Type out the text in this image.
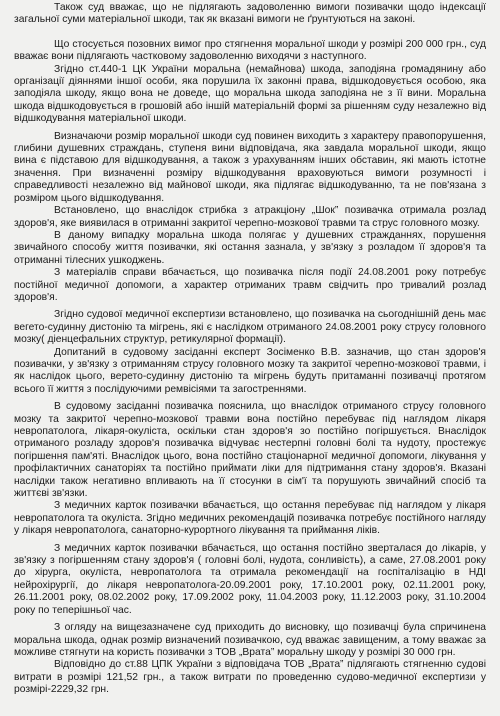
Також суд вважає, що не підлягають задоволенню вимоги позивачки щодо індексації загальної суми матеріальної шкоди, так як вказані вимоги не ґрунтуються на законі.

Що стосується позовних вимог про стягнення моральної шкоди у розмірі 200 000 грн., суд вважає вони підлягають частковому задоволенню виходячи з наступного.

Згідно ст.440-1 ЦК України моральна (немайнова) шкода, заподіяна громадянину або організації діяннями іншої особи, яка порушила їх законні права, відшкодовується особою, яка заподіяла шкоду, якщо вона не доведе, що моральна шкода заподіяна не з її вини. Моральна шкода відшкодовується в грошовій або іншій матеріальній формі за рішенням суду незалежно від відшкодування матеріальної шкоди.

Визначаючи розмір моральної шкоди суд повинен виходить з характеру правопорушення, глибини душевних страждань, ступеня вини відповідача, яка завдала моральної шкоди, якщо вина є підставою для відшкодування, а також з урахуванням інших обставин, які мають істотне значення. При визначенні розміру відшкодування враховуються вимоги розумності і справедливості незалежно від майнової шкоди, яка підлягає відшкодуванню, та не пов'язана з розміром цього відшкодування.

Встановлено, що внаслідок стрибка з атракціону „Шок” позивачка отримала розлад здоров'я, яке виявилася в отриманні закритої черепно-мозкової травми та струс головного мозку.

В даному випадку моральна шкода полягає у душевних стражданнях, порушення звичайного способу життя позивачки, які остання зазнала, у зв'язку з розладом її здоров'я та отриманні тілесних ушкоджень.

З матеріалів справи вбачається, що позивачка після події 24.08.2001 року потребує постійної медичної допомоги, а характер отриманих травм свідчить про тривалий розлад здоров'я.

Згідно судової медичної експертизи встановлено, що позивачка на сьогоднішній день має вегето-судинну дистонію та мігрень, які є наслідком отриманого 24.08.2001 року струсу головного мозку( діенцефальних структур, ретикулярної формації).

Допитаний в судовому засіданні експерт Зосіменко В.В. зазначив, що стан здоров'я позивачки, у зв'язку з отриманням струсу головного мозку та закритої черепно-мозкової травми, і як наслідок цього, верето-судинну дистонію та мігрень будуть притаманні позивачці протягом всього її життя з послідуючими ремвісіями та загостреннями.

В судовому засіданні позивачка пояснила, що внаслідок отриманого струсу головного мозку та закритої черепно-мозкової травми вона постійно перебуває під наглядом лікаря невропатолога, лікаря-окуліста, оскільки стан здоров'я зо постійно погіршується. Внаслідок отриманого розладу здоров'я позивачка відчуває нестерпні головні болі та нудоту, простежує погіршення пам'яті. Внаслідок цього, вона постійно стаціонарної медичної допомоги, лікування у профілактичних санаторіях та постійно приймати ліки для підтримання стану здоров'я. Вказані наслідки також негативно впливають на її стосунки в сім'ї та порушують звичайний спосіб та життєві зв'язки.

З медичних карток позивачки вбачається, що остання перебуває під наглядом у лікаря невропатолога та окуліста. Згідно медичних рекомендацій позивачка потребує постійного нагляду у лікаря невропатолога, санаторно-курортного лікування та приймання ліків.

З медичних карток позивачки вбачається, що остання постійно зверталася до лікарів, у зв'язку з погіршенням стану здоров'я ( головні болі, нудота, сонливість), а саме, 27.08.2001 року до хірурга, окуліста, невропатолога та отримала рекомендації на госпіталізацію в НДІ нейрохірургії, до лікаря невропатолога-20.09.2001 року, 17.10.2001 року, 02.11.2001 року, 26.11.2001 року, 08.02.2002 року, 17.09.2002 року, 11.04.2003 року, 11.12.2003 року, 31.10.2004 року по теперішньої час.

З огляду на вищезазначене суд приходить до висновку, що позивачці була спричинена моральна шкода, однак розмір визначений позивачкою, суд вважає завищеним, а тому вважає за можливе стягнути на користь позивачки з ТОВ „Врата” моральну шкоду у розмірі 30 000 грн.

Відповідно до ст.88 ЦПК України з відповідача ТОВ „Врата” підлягають стягненню судові витрати в розмірі 121,52 грн., а також витрати по проведенню судово-медичної експертизи у розмірі-2229,32 грн.
